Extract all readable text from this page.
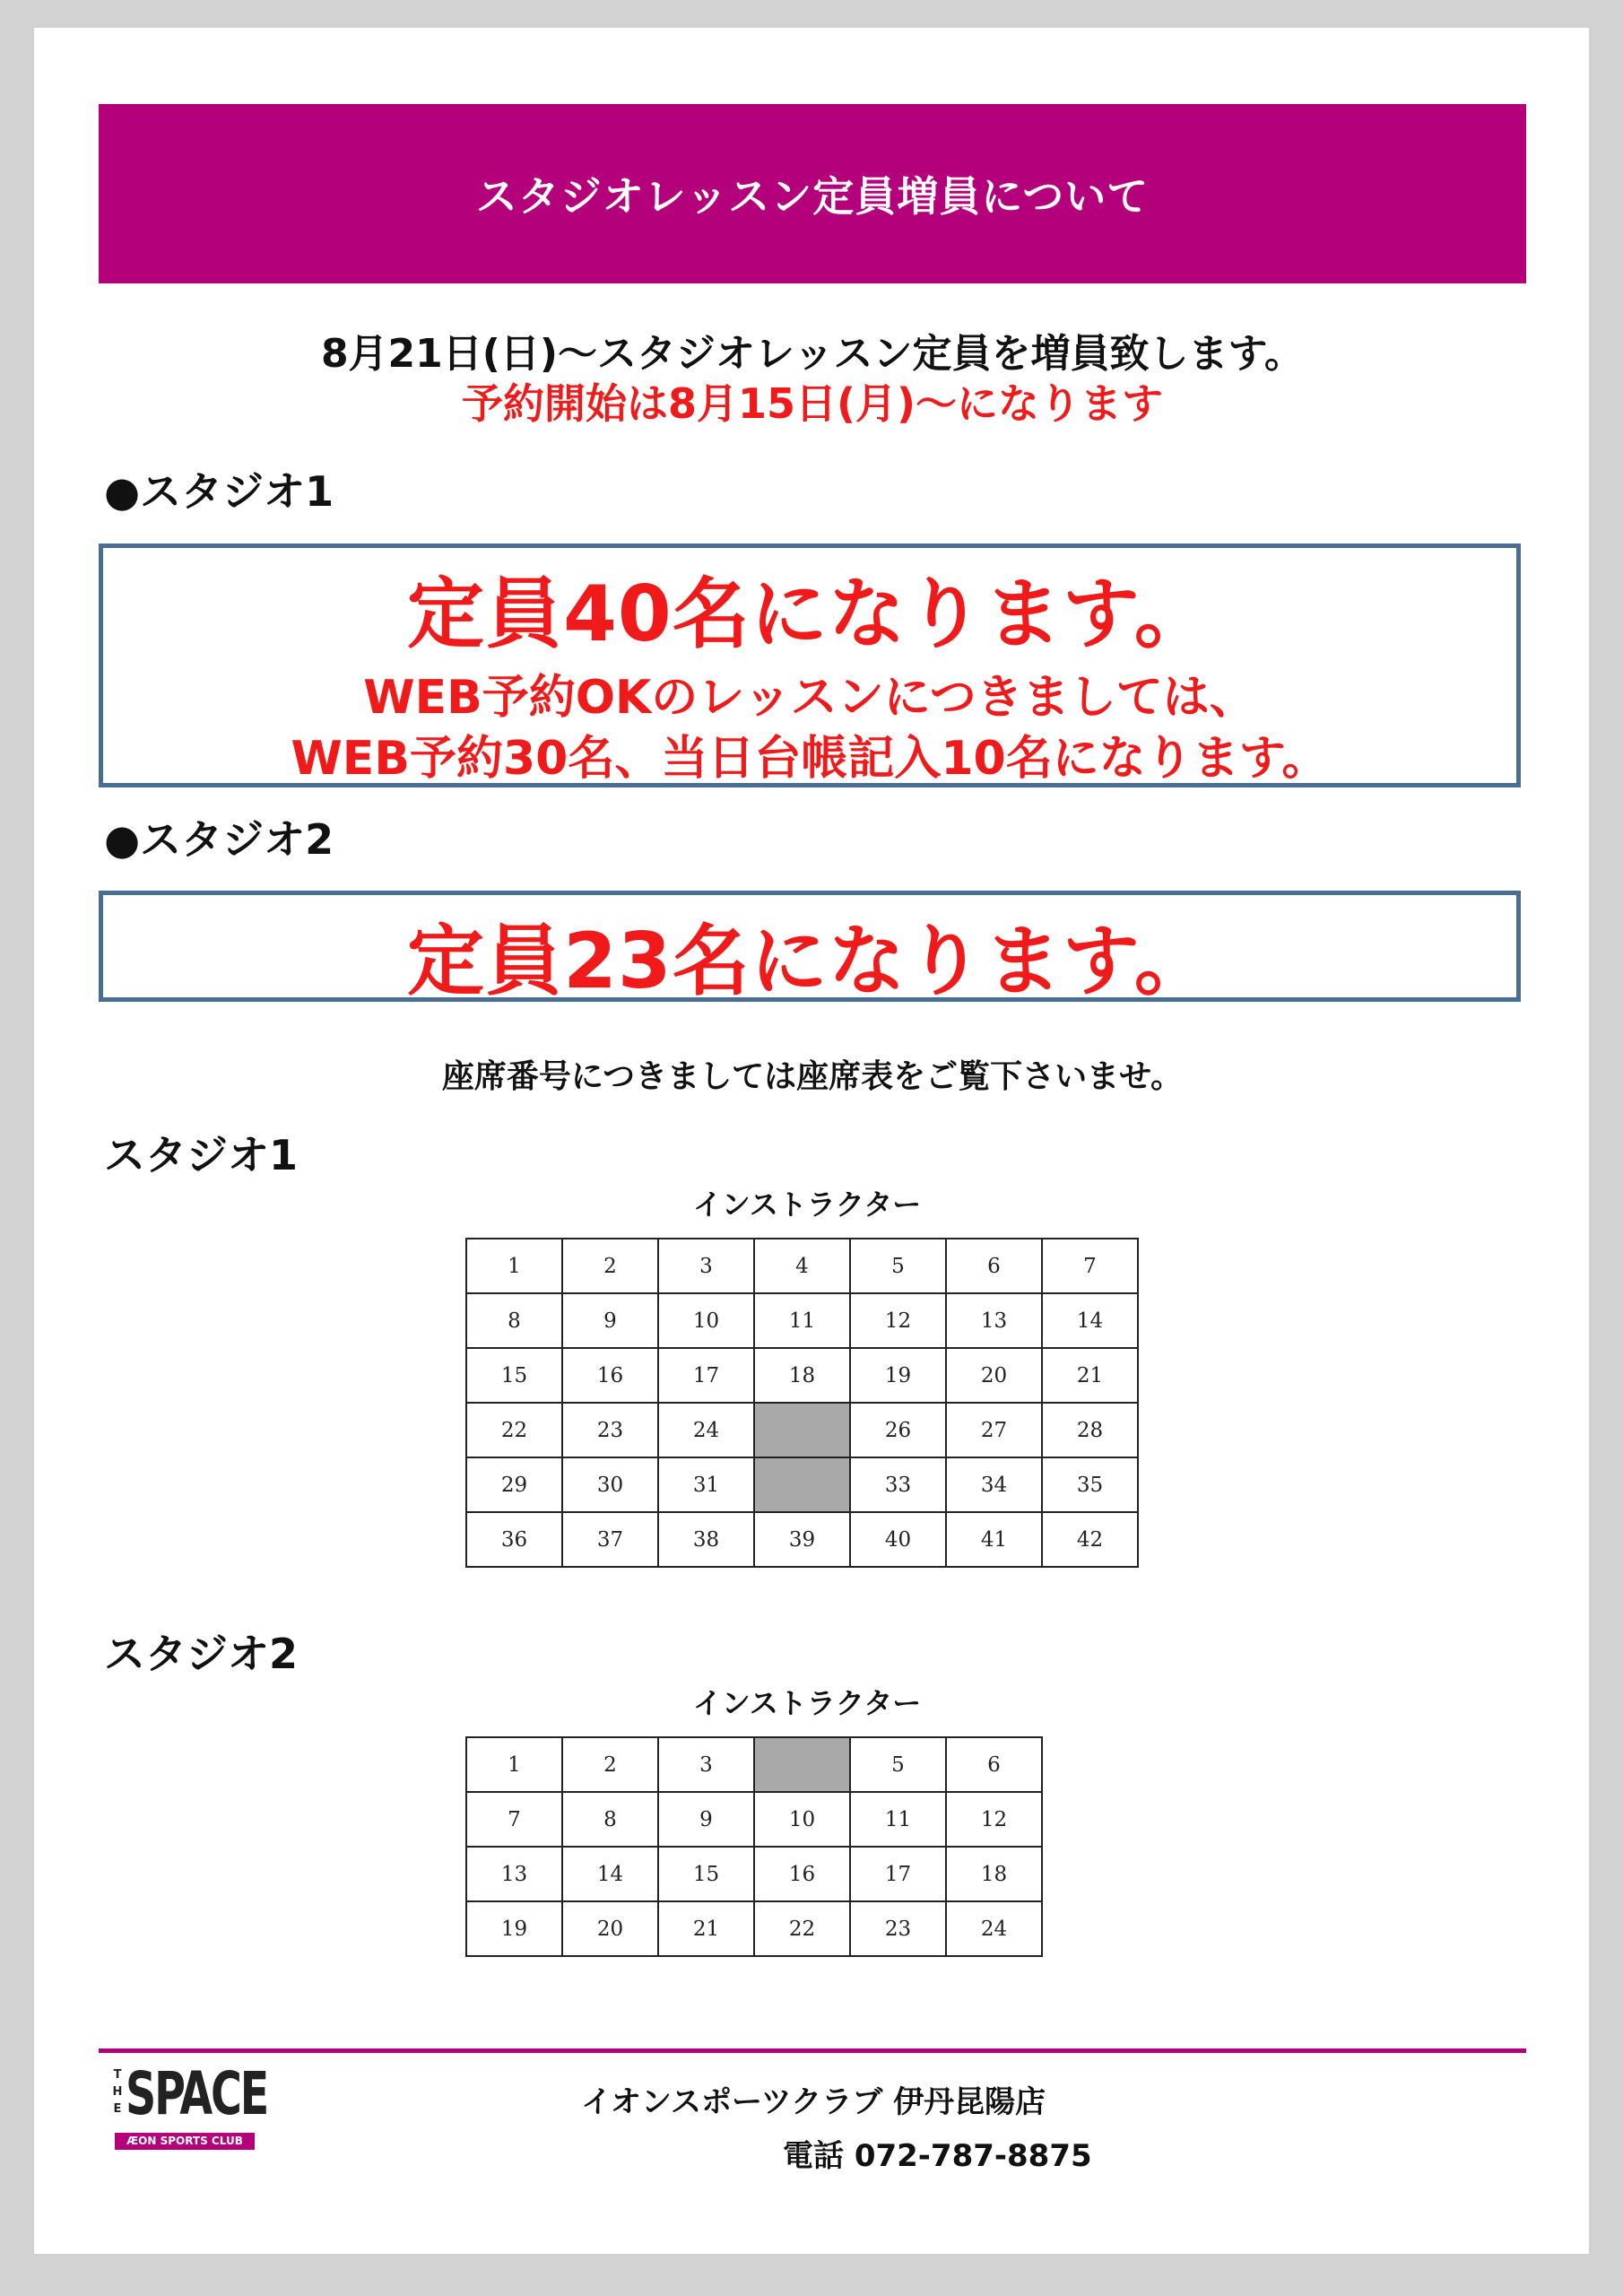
スタジオレッスン定員増員について
8月21日(日)～スタジオレッスン定員を増員致します。
予約開始は8月15日(月)～になります
●スタジオ1
定員40名になります。
WEB予約OKのレッスンにつきましては、
WEB予約30名、当日台帳記入10名になります。
●スタジオ2
定員23名になります。
座席番号につきましては座席表をご覧下さいませ。
スタジオ1
インストラクター
1	2	3	4	5	6	7
8	9	10	11	12	13	14
15	16	17	18	19	20	21
22	23	24		26	27	28
29	30	31		33	34	35
36	37	38	39	40	41	42
スタジオ2
インストラクター
1	2	3		5	6
7	8	9	10	11	12
13	14	15	16	17	18
19	20	21	22	23	24
T
H
E SPACE
ÆON SPORTS CLUB
イオンスポーツクラブ 伊丹昆陽店
電話 072-787-8875
